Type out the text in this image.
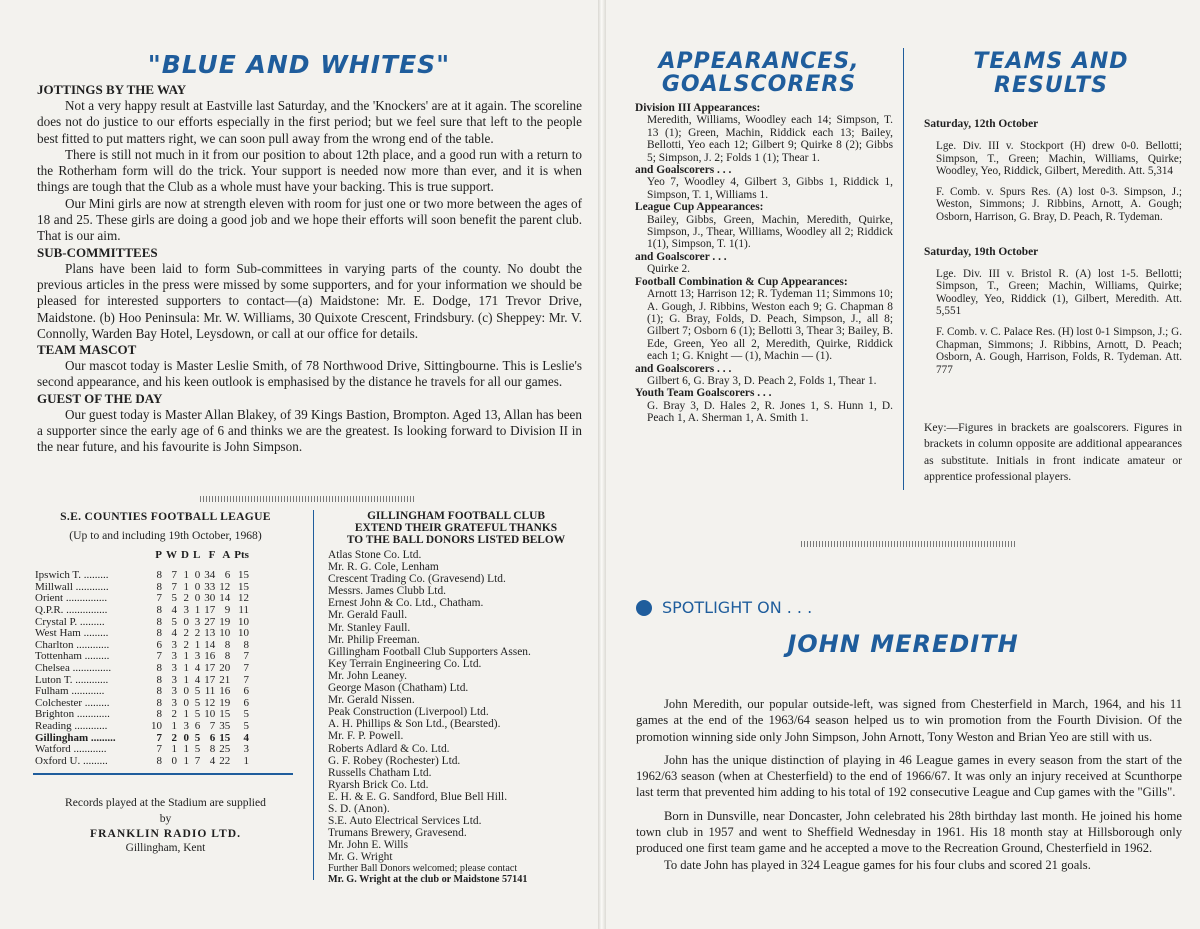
"BLUE AND WHITES"

JOTTINGS BY THE WAY

Not a very happy result at Eastville last Saturday, and the 'Knockers' are at it again. The scoreline does not do justice to our efforts especially in the first period; but we feel sure that left to the people best fitted to put matters right, we can soon pull away from the wrong end of the table.

There is still not much in it from our position to about 12th place, and a good run with a return to the Rotherham form will do the trick. Your support is needed now more than ever, and it is when things are tough that the Club as a whole must have your backing. This is true support.

Our Mini girls are now at strength eleven with room for just one or two more between the ages of 18 and 25. These girls are doing a good job and we hope their efforts will soon benefit the parent club. That is our aim.

SUB-COMMITTEES

Plans have been laid to form Sub-committees in varying parts of the county. No doubt the previous articles in the press were missed by some supporters, and for your information we should be pleased for interested supporters to contact—(a) Maidstone: Mr. E. Dodge, 171 Trevor Drive, Maidstone. (b) Hoo Peninsula: Mr. W. Williams, 30 Quixote Crescent, Frindsbury. (c) Sheppey: Mr. V. Connolly, Warden Bay Hotel, Leysdown, or call at our office for details.

TEAM MASCOT

Our mascot today is Master Leslie Smith, of 78 Northwood Drive, Sittingbourne. This is Leslie's second appearance, and his keen outlook is emphasised by the distance he travels for all our games.

GUEST OF THE DAY

Our guest today is Master Allan Blakey, of 39 Kings Bastion, Brompton. Aged 13, Allan has been a supporter since the early age of 6 and thinks we are the greatest. Is looking forward to Division II in the near future, and his favourite is John Simpson.

S.E. COUNTIES FOOTBALL LEAGUE
(Up to and including 19th October, 1968)
	P	W	D	L	F	A	Pts

Ipswich T. .........	8	7	1	0	34	6	15

Millwall ............	8	7	1	0	33	12	15

Orient ...............	7	5	2	0	30	14	12

Q.P.R. ...............	8	4	3	1	17	9	11

Crystal P. .........	8	5	0	3	27	19	10

West Ham .........	8	4	2	2	13	10	10

Charlton ............	6	3	2	1	14	8	8

Tottenham .........	7	3	1	3	16	8	7

Chelsea ..............	8	3	1	4	17	20	7

Luton T. ............	8	3	1	4	17	21	7

Fulham ............	8	3	0	5	11	16	6

Colchester .........	8	3	0	5	12	19	6

Brighton ............	8	2	1	5	10	15	5

Reading ............	10	1	3	6	7	35	5

Gillingham .........	7	2	0	5	6	15	4

Watford ............	7	1	1	5	8	25	3

Oxford U. .........	8	0	1	7	4	22	1
Records played at the Stadium are supplied
by
FRANKLIN RADIO LTD.
Gillingham, Kent
GILLINGHAM FOOTBALL CLUB
EXTEND THEIR GRATEFUL THANKS
TO THE BALL DONORS LISTED BELOW

Atlas Stone Co. Ltd.

Mr. R. G. Cole, Lenham

Crescent Trading Co. (Gravesend) Ltd.

Messrs. James Clubb Ltd.

Ernest John & Co. Ltd., Chatham.

Mr. Gerald Faull.

Mr. Stanley Faull.

Mr. Philip Freeman.

Gillingham Football Club Supporters Assen.

Key Terrain Engineering Co. Ltd.

Mr. John Leaney.

George Mason (Chatham) Ltd.

Mr. Gerald Nissen.

Peak Construction (Liverpool) Ltd.

A. H. Phillips & Son Ltd., (Bearsted).

Mr. F. P. Powell.

Roberts Adlard & Co. Ltd.

G. F. Robey (Rochester) Ltd.

Russells Chatham Ltd.

Ryarsh Brick Co. Ltd.

E. H. & E. G. Sandford, Blue Bell Hill.

S. D. (Anon).

S.E. Auto Electrical Services Ltd.

Trumans Brewery, Gravesend.

Mr. John E. Wills

Mr. G. Wright

Further Ball Donors welcomed; please contact
Mr. G. Wright at the club or Maidstone 57141
APPEARANCES,
GOALSCORERS
Division III Appearances:
Meredith, Williams, Woodley each 14; Simpson, T. 13 (1); Green, Machin, Riddick each 13; Bailey, Bellotti, Yeo each 12; Gilbert 9; Quirke 8 (2); Gibbs 5; Simpson, J. 2; Folds 1 (1); Thear 1.
and Goalscorers . . .
Yeo 7, Woodley 4, Gilbert 3, Gibbs 1, Riddick 1, Simpson, T. 1, Williams 1.
League Cup Appearances:
Bailey, Gibbs, Green, Machin, Meredith, Quirke, Simpson, J., Thear, Williams, Woodley all 2; Riddick 1(1), Simpson, T. 1(1).
and Goalscorer . . .
Quirke 2.
Football Combination & Cup Appearances:
Arnott 13; Harrison 12; R. Tydeman 11; Simmons 10; A. Gough, J. Ribbins, Weston each 9; G. Chapman 8 (1); G. Bray, Folds, D. Peach, Simpson, J., all 8; Gilbert 7; Osborn 6 (1); Bellotti 3, Thear 3; Bailey, B. Ede, Green, Yeo all 2, Meredith, Quirke, Riddick each 1; G. Knight — (1), Machin — (1).
and Goalscorers . . .
Gilbert 6, G. Bray 3, D. Peach 2, Folds 1, Thear 1.
Youth Team Goalscorers . . .
G. Bray 3, D. Hales 2, R. Jones 1, S. Hunn 1, D. Peach 1, A. Sherman 1, A. Smith 1.
TEAMS AND
RESULTS
Saturday, 12th October

Lge. Div. III v. Stockport (H) drew 0-0. Bellotti; Simpson, T., Green; Machin, Williams, Quirke; Woodley, Yeo, Riddick, Gilbert, Meredith. Att. 5,314

F. Comb. v. Spurs Res. (A) lost 0-3. Simpson, J.; Weston, Simmons; J. Ribbins, Arnott, A. Gough; Osborn, Harrison, G. Bray, D. Peach, R. Tydeman.

Saturday, 19th October

Lge. Div. III v. Bristol R. (A) lost 1-5. Bellotti; Simpson, T., Green; Machin, Williams, Quirke; Woodley, Yeo, Riddick (1), Gilbert, Meredith. Att. 5,551

F. Comb. v. C. Palace Res. (H) lost 0-1 Simpson, J.; G. Chapman, Simmons; J. Ribbins, Arnott, D. Peach; Osborn, A. Gough, Harrison, Folds, R. Tydeman. Att. 777

Key:—Figures in brackets are goalscorers. Figures in brackets in column opposite are additional appearances as substitute. Initials in front indicate amateur or apprentice professional players.
SPOTLIGHT ON . . .
JOHN MEREDITH

John Meredith, our popular outside-left, was signed from Chesterfield in March, 1964, and his 11 games at the end of the 1963/64 season helped us to win promotion from the Fourth Division. Of the promotion winning side only John Simpson, John Arnott, Tony Weston and Brian Yeo are still with us.

John has the unique distinction of playing in 46 League games in every season from the start of the 1962/63 season (when at Chesterfield) to the end of 1966/67. It was only an injury received at Scunthorpe last term that prevented him adding to his total of 192 consecutive League and Cup games with the "Gills".

Born in Dunsville, near Doncaster, John celebrated his 28th birthday last month. He joined his home town club in 1957 and went to Sheffield Wednesday in 1961. His 18 month stay at Hillsborough only produced one first team game and he accepted a move to the Recreation Ground, Chesterfield in 1962.

To date John has played in 324 League games for his four clubs and scored 21 goals.
